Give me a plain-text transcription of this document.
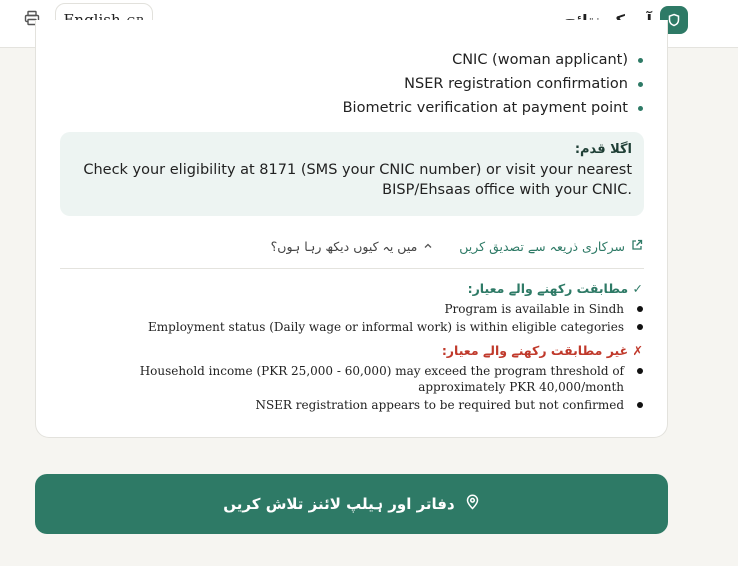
CNIC (woman applicant)
NSER registration confirmation
Biometric verification at payment point
اگلا قدم:
Check your eligibility at 8171 (SMS your CNIC number) or visit your nearest BISP/Ehsaas office with your CNIC.
سرکاری ذریعہ سے تصدیق کریں
میں یہ کیوں دیکھ رہا ہوں؟
✓ مطابقت رکھنے والے معیار:
Program is available in Sindh
Employment status (Daily wage or informal work) is within eligible categories
✗ غیر مطابقت رکھنے والے معیار:
Household income (PKR 25,000 - 60,000) may exceed the program threshold of approximately PKR 40,000/month
NSER registration appears to be required but not confirmed
دفاتر اور ہیلپ لائنز تلاش کریں
